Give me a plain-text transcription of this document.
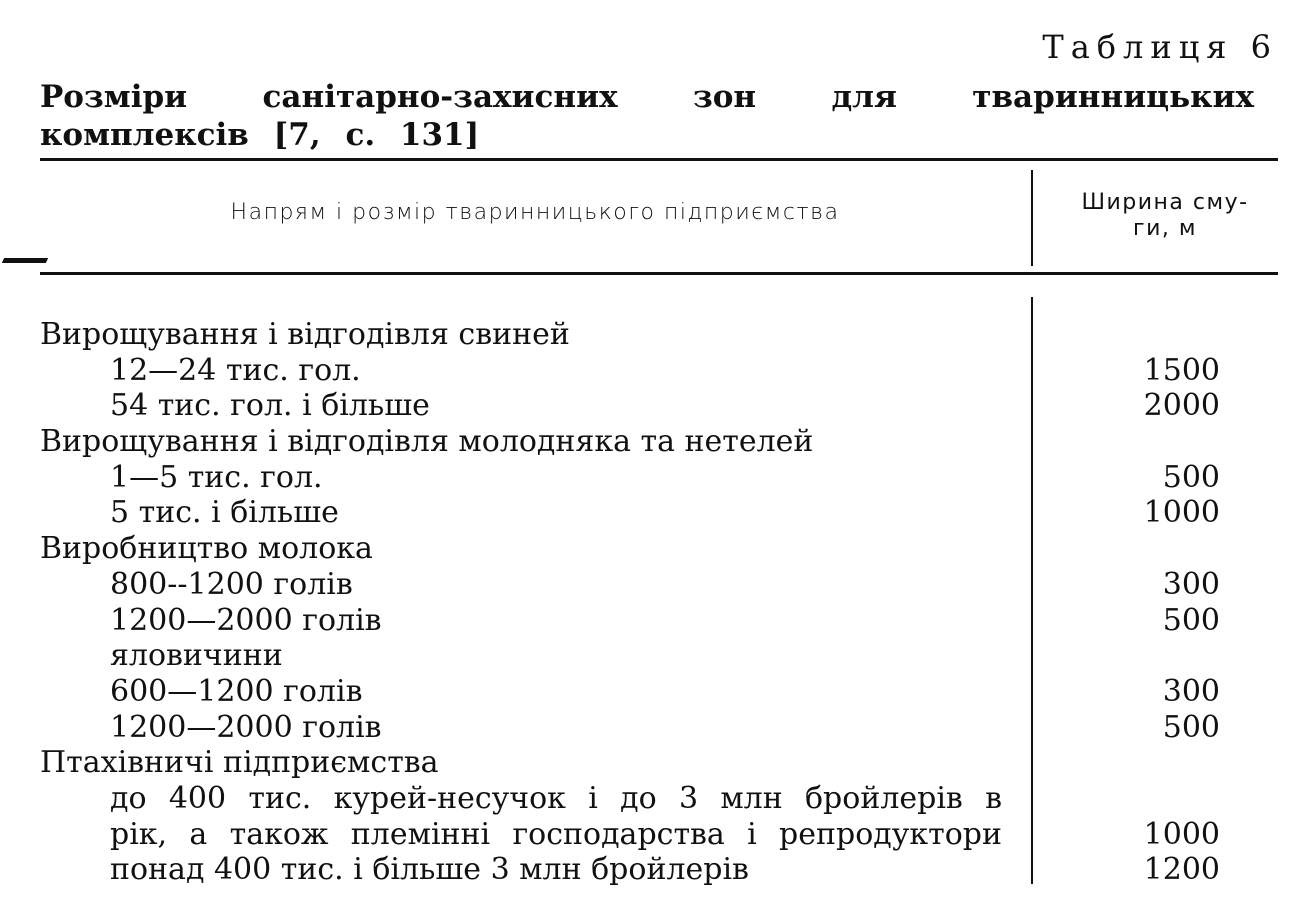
Таблиця 6
Розміри санітарно-захисних зон для тваринницьких комплексів [7, с. 131]
Напрям і розмір тваринницького підприємства	Ширина сму-
ги, м
Вирощування і відгодівля свиней
12—24 тис. гол.	1500
54 тис. гол. і більше	2000
Вирощування і відгодівля молодняка та нетелей
1—5 тис. гол.	500
5 тис. і більше	1000
Виробництво молока
800--1200 голів	300
1200—2000 голів	500
яловичини
600—1200 голів	300
1200—2000 голів	500
Птахівничі підприємства
до 400 тис. курей-несучок і до 3 млн бройлерів в
рік, а також племінні господарства і репродуктори	1000
понад 400 тис. і більше 3 млн бройлерів	1200
